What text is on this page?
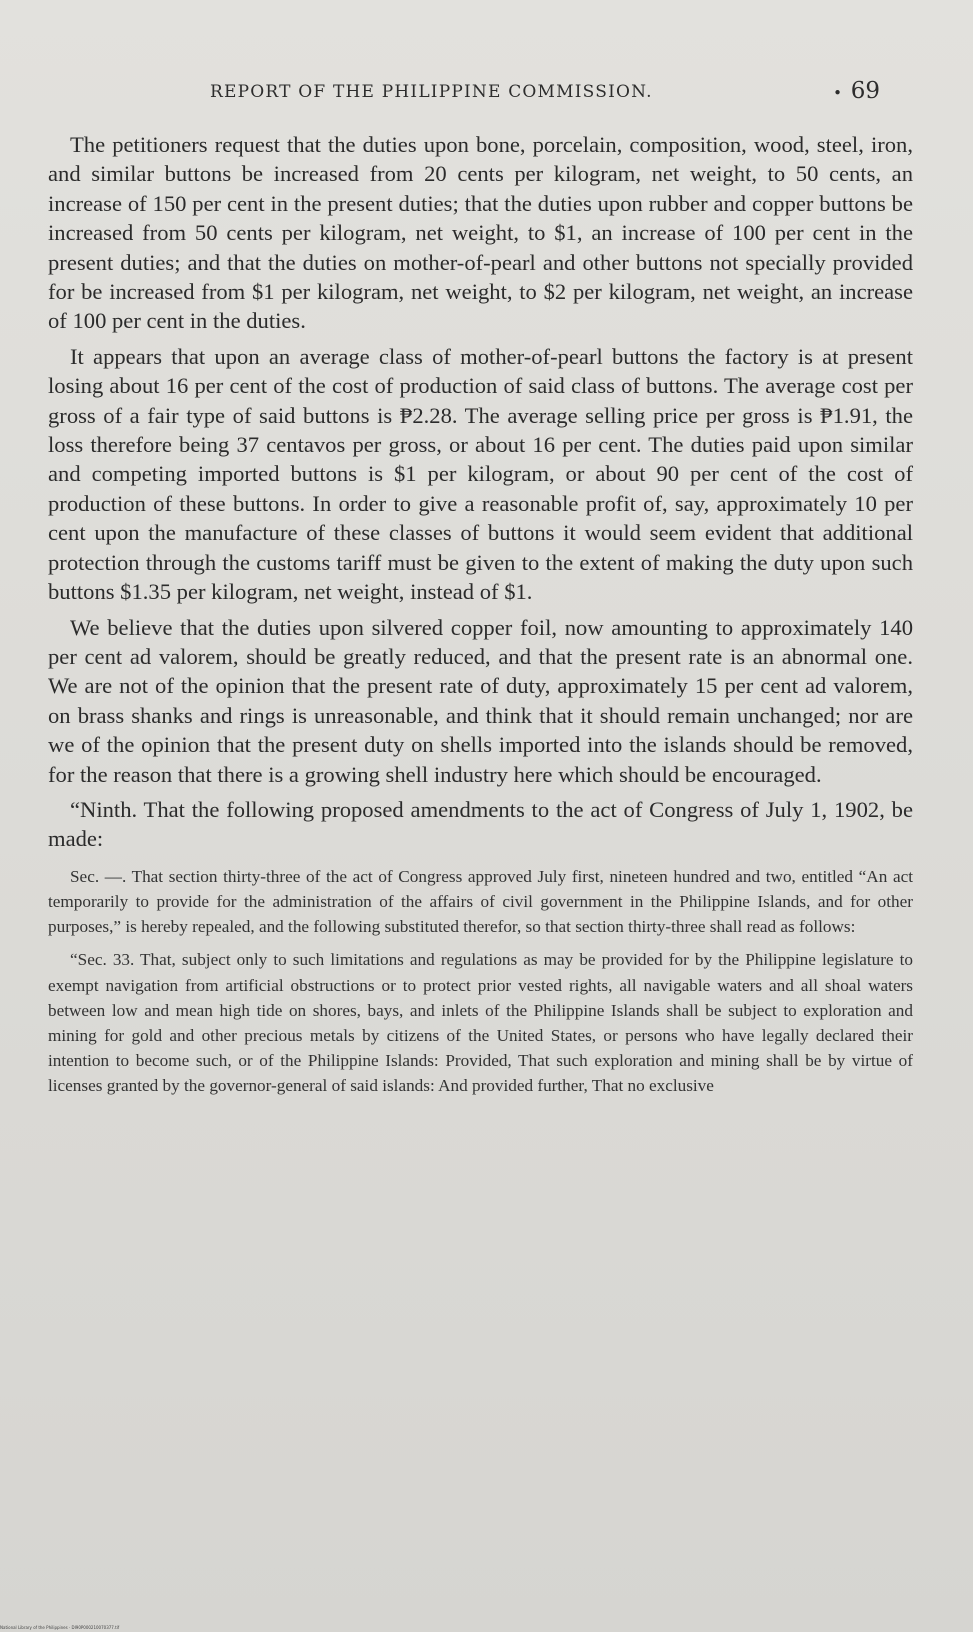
REPORT OF THE PHILIPPINE COMMISSION.	• 69

The petitioners request that the duties upon bone, porcelain, composition, wood, steel, iron, and similar buttons be increased from 20 cents per kilogram, net weight, to 50 cents, an increase of 150 per cent in the present duties; that the duties upon rubber and copper buttons be increased from 50 cents per kilogram, net weight, to $1, an increase of 100 per cent in the present duties; and that the duties on mother-of-pearl and other buttons not specially provided for be increased from $1 per kilogram, net weight, to $2 per kilogram, net weight, an increase of 100 per cent in the duties.

It appears that upon an average class of mother-of-pearl buttons the factory is at present losing about 16 per cent of the cost of production of said class of buttons. The average cost per gross of a fair type of said buttons is ₱2.28. The average selling price per gross is ₱1.91, the loss therefore being 37 centavos per gross, or about 16 per cent. The duties paid upon similar and competing imported buttons is $1 per kilogram, or about 90 per cent of the cost of production of these buttons. In order to give a reasonable profit of, say, approximately 10 per cent upon the manufacture of these classes of buttons it would seem evident that additional protection through the customs tariff must be given to the extent of making the duty upon such buttons $1.35 per kilogram, net weight, instead of $1.

We believe that the duties upon silvered copper foil, now amounting to approximately 140 per cent ad valorem, should be greatly reduced, and that the present rate is an abnormal one. We are not of the opinion that the present rate of duty, approximately 15 per cent ad valorem, on brass shanks and rings is unreasonable, and think that it should remain unchanged; nor are we of the opinion that the present duty on shells imported into the islands should be removed, for the reason that there is a growing shell industry here which should be encouraged.

“Ninth. That the following proposed amendments to the act of Congress of July 1, 1902, be made:

Sec. —. That section thirty-three of the act of Congress approved July first, nineteen hundred and two, entitled “An act temporarily to provide for the administration of the affairs of civil government in the Philippine Islands, and for other purposes,” is hereby repealed, and the following substituted therefor, so that section thirty-three shall read as follows:

“Sec. 33. That, subject only to such limitations and regulations as may be provided for by the Philippine legislature to exempt navigation from artificial obstructions or to protect prior vested rights, all navigable waters and all shoal waters between low and mean high tide on shores, bays, and inlets of the Philippine Islands shall be subject to exploration and mining for gold and other precious metals by citizens of the United States, or persons who have legally declared their intention to become such, or of the Philippine Islands: Provided, That such exploration and mining shall be by virtue of licenses granted by the governor-general of said islands: And provided further, That no exclusive

National Library of the Philippines · DI90P000210070377.tif
